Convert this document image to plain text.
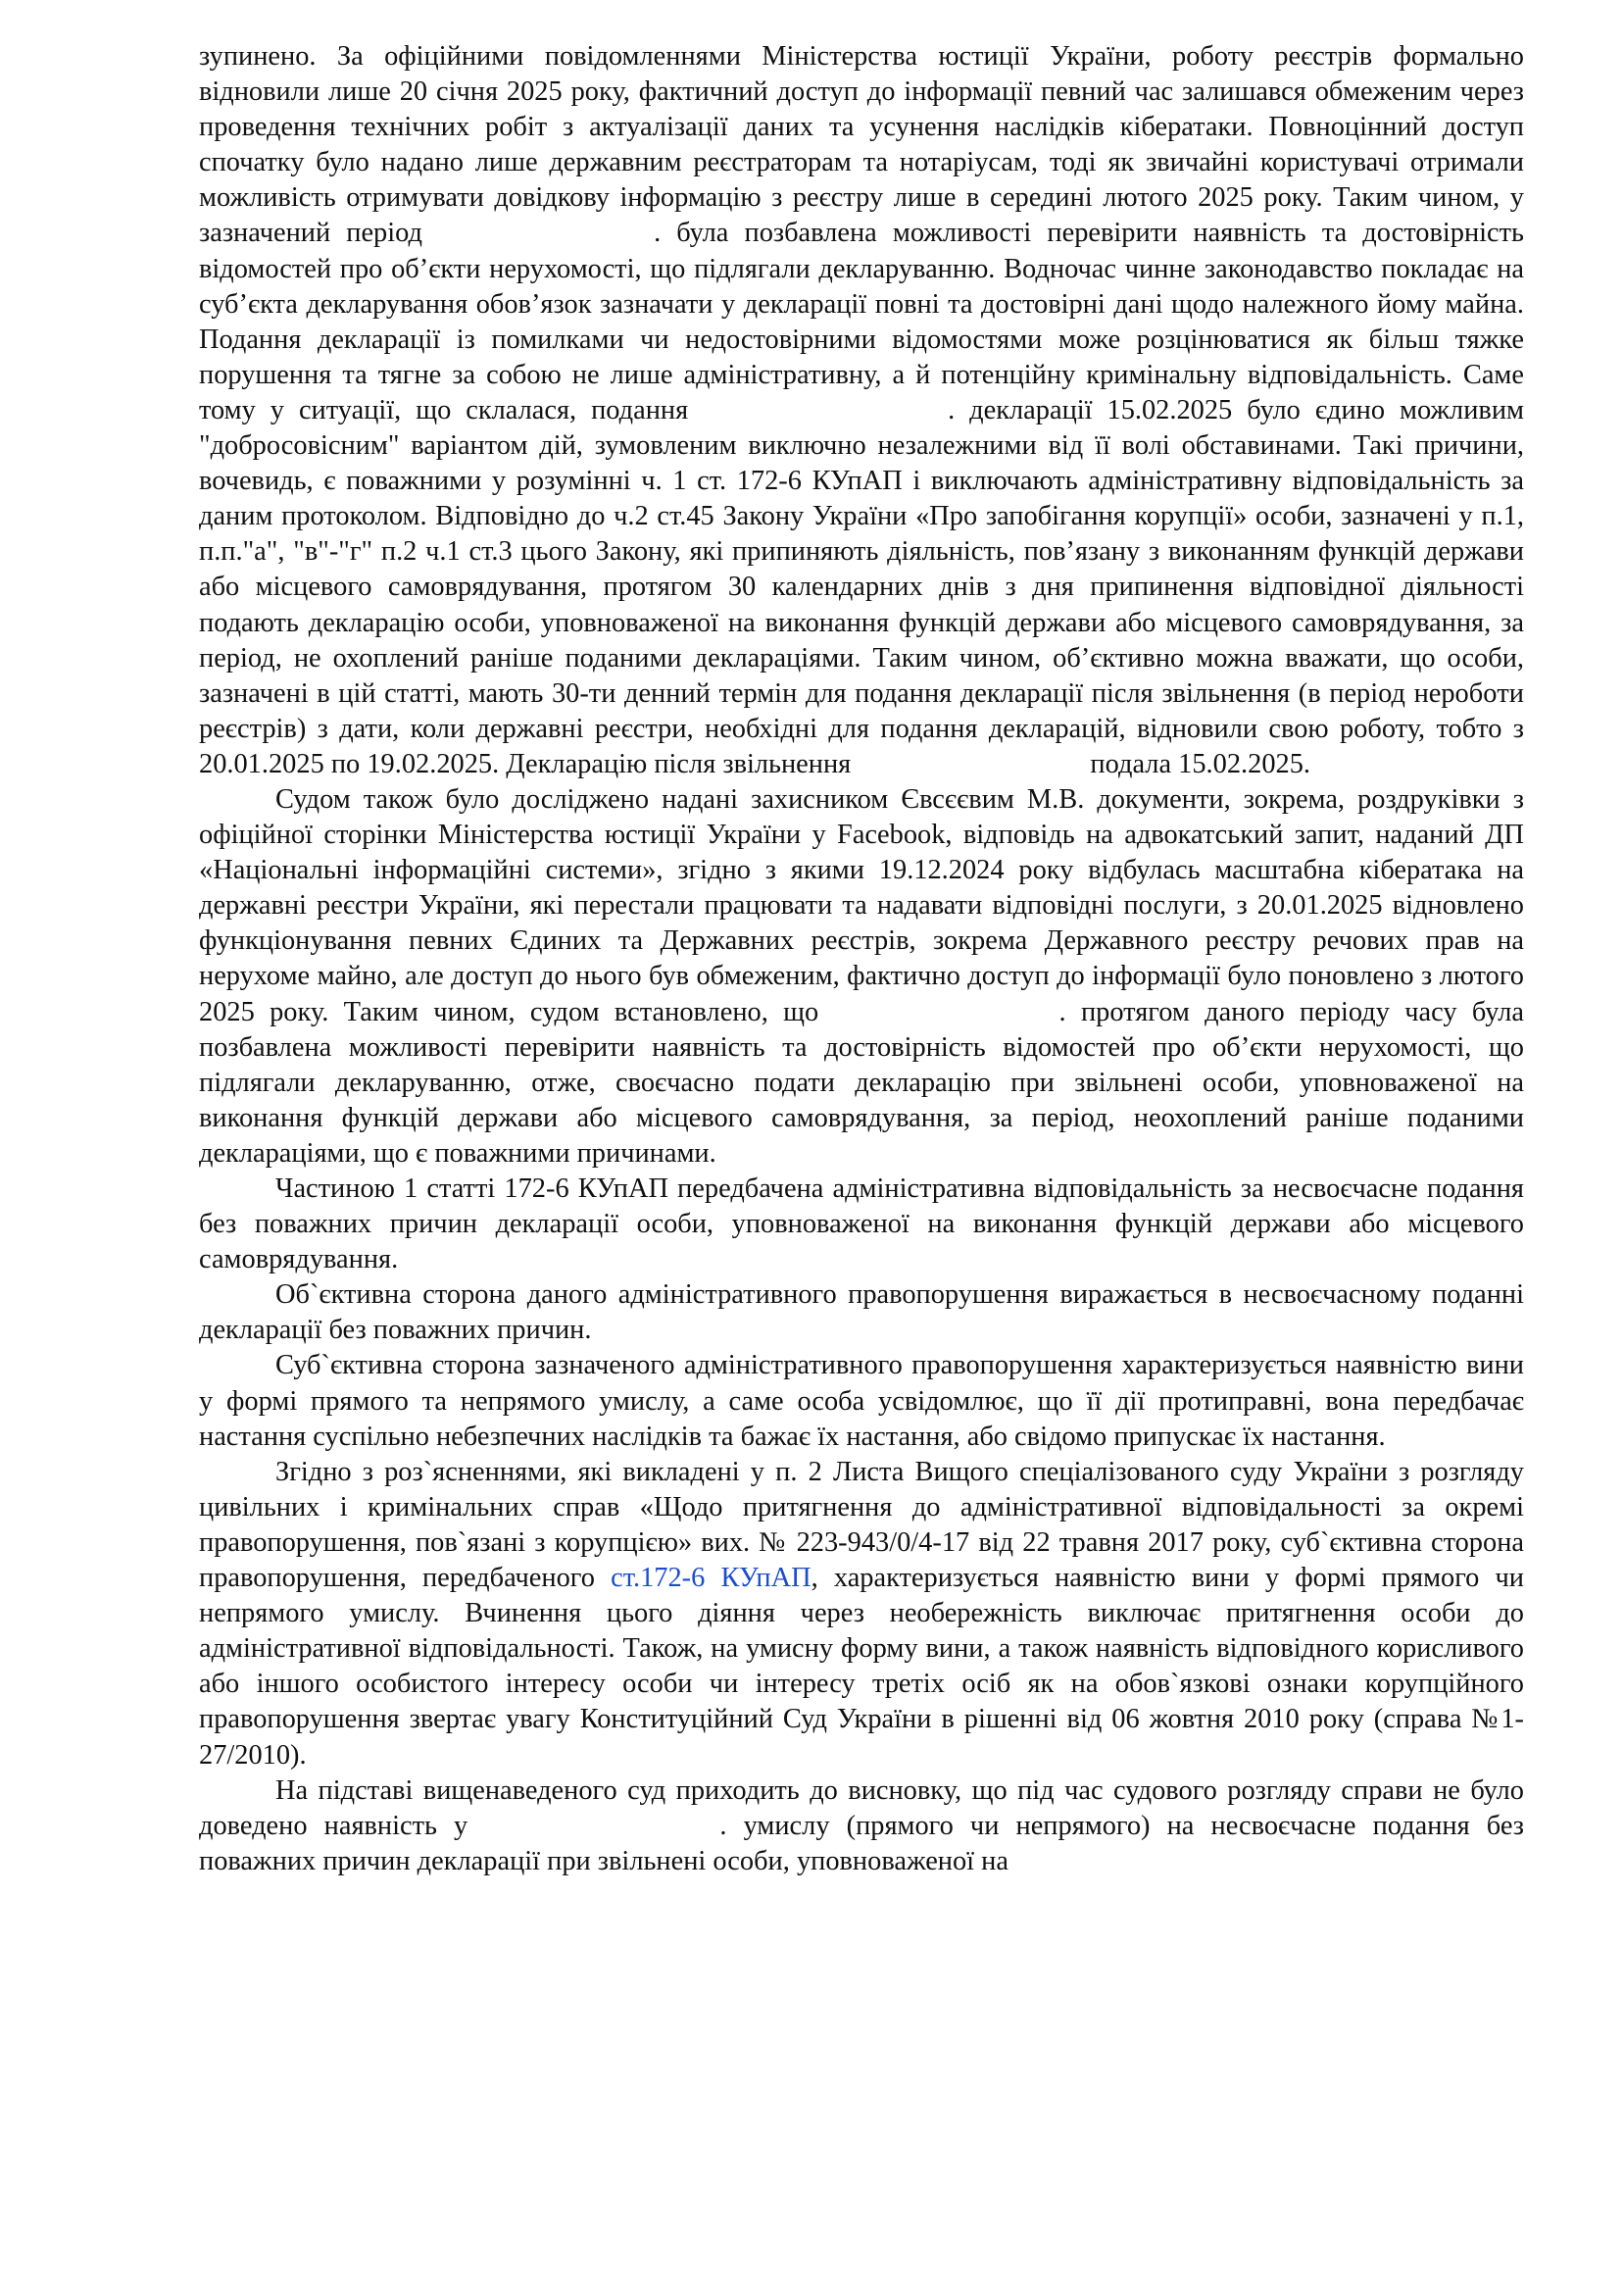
зупинено. За офіційними повідомленнями Міністерства юстиції України, роботу реєстрів формально відновили лише 20 січня 2025 року, фактичний доступ до інформації певний час залишався обмеженим через проведення технічних робіт з актуалізації даних та усунення наслідків кібератаки. Повноцінний доступ спочатку було надано лише державним реєстраторам та нотаріусам, тоді як звичайні користувачі отримали можливість отримувати довідкову інформацію з реєстру лише в середині лютого 2025 року. Таким чином, у зазначений період	. була позбавлена можливості перевірити наявність та достовірність відомостей про об’єкти нерухомості, що підлягали декларуванню. Водночас чинне законодавство покладає на субʼєкта декларування обовʼязок зазначати у декларації повні та достовірні дані щодо належного йому майна. Подання декларації із помилками чи недостовірними відомостями може розцінюватися як більш тяжке порушення та тягне за собою не лише адміністративну, а й потенційну кримінальну відповідальність. Саме тому у ситуації, що склалася, подання	. декларації 15.02.2025 було єдино можливим "добросовісним" варіантом дій, зумовленим виключно незалежними від її волі обставинами. Такі причини, вочевидь, є поважними у розумінні ч. 1 ст. 172-6 КУпАП і виключають адміністративну відповідальність за даним протоколом. Відповідно до ч.2 ст.45 Закону України «Про запобігання корупції» особи, зазначені у п.1, п.п."а", "в"-"г" п.2 ч.1 ст.3 цього Закону, які припиняють діяльність, пов’язану з виконанням функцій держави або місцевого самоврядування, протягом 30 календарних днів з дня припинення відповідної діяльності подають декларацію особи, уповноваженої на виконання функцій держави або місцевого самоврядування, за період, не охоплений раніше поданими деклараціями. Таким чином, об’єктивно можна вважати, що особи, зазначені в цій статті, мають 30-ти денний термін для подання декларації після звільнення (в період неробoти реєстрів) з дати, коли державні реєстри, необхідні для подання декларацій, відновили свою роботу, тобто з 20.01.2025 по 19.02.2025. Декларацію після звільнення	подала 15.02.2025.

Судом також було досліджено надані захисником Євсєєвим М.В. документи, зокрема, роздруківки з офіційної сторінки Міністерства юстиції України у Facebook, відповідь на адвокатський запит, наданий ДП «Національні інформаційні системи», згідно з якими 19.12.2024 року відбулась масштабна кібератака на державні реєстри України, які перестали працювати та надавати відповідні послуги, з 20.01.2025 відновлено функціонування певних Єдиних та Державних реєстрів, зокрема Державного реєстру речових прав на нерухоме майно, але доступ до нього був обмеженим, фактично доступ до інформації було поновлено з лютого 2025 року. Таким чином, судом встановлено, що	. протягом даного періоду часу була позбавлена можливості перевірити наявність та достовірність відомостей про об’єкти нерухомості, що підлягали декларуванню, отже, своєчасно подати декларацію при звільнені особи, уповноваженої на виконання функцій держави або місцевого самоврядування, за період, неохоплений раніше поданими деклараціями, що є поважними причинами.

Частиною 1 статті 172-6 КУпАП передбачена адміністративна відповідальність за несвоєчасне подання без поважних причин декларації особи, уповноваженої на виконання функцій держави або місцевого самоврядування.

Об`єктивна сторона даного адміністративного правопорушення виражається в несвоєчасному поданні декларації без поважних причин.

Суб`єктивна сторона зазначеного адміністративного правопорушення характеризується наявністю вини у формі прямого та непрямого умислу, а саме особа усвідомлює, що її дії протиправні, вона передбачає настання суспільно небезпечних наслідків та бажає їх настання, або свідомо припускає їх настання.

Згідно з роз`ясненнями, які викладені у п. 2 Листа Вищого спеціалізованого суду України з розгляду цивільних і кримінальних справ «Щодо притягнення до адміністративної відповідальності за окремі правопорушення, пов`язані з корупцією» вих. № 223-943/0/4-17 від 22 травня 2017 року, суб`єктивна сторона правопорушення, передбаченого ст.172-6 КУпАП, характеризується наявністю вини у формі прямого чи непрямого умислу. Вчинення цього діяння через необережність виключає притягнення особи до адміністративної відповідальності. Також, на умисну форму вини, а також наявність відповідного корисливого або іншого особистого інтересу особи чи інтересу третіх осіб як на обов`язкові ознаки корупційного правопорушення звертає увагу Конституційний Суд України в рішенні від 06 жовтня 2010 року (справа №1-27/2010).

На підставі вищенаведеного суд приходить до висновку, що під час судового розгляду справи не було доведено наявність у	. умислу (прямого чи непрямого) на несвоєчасне подання без поважних причин декларації при звільнені особи, уповноваженої на
